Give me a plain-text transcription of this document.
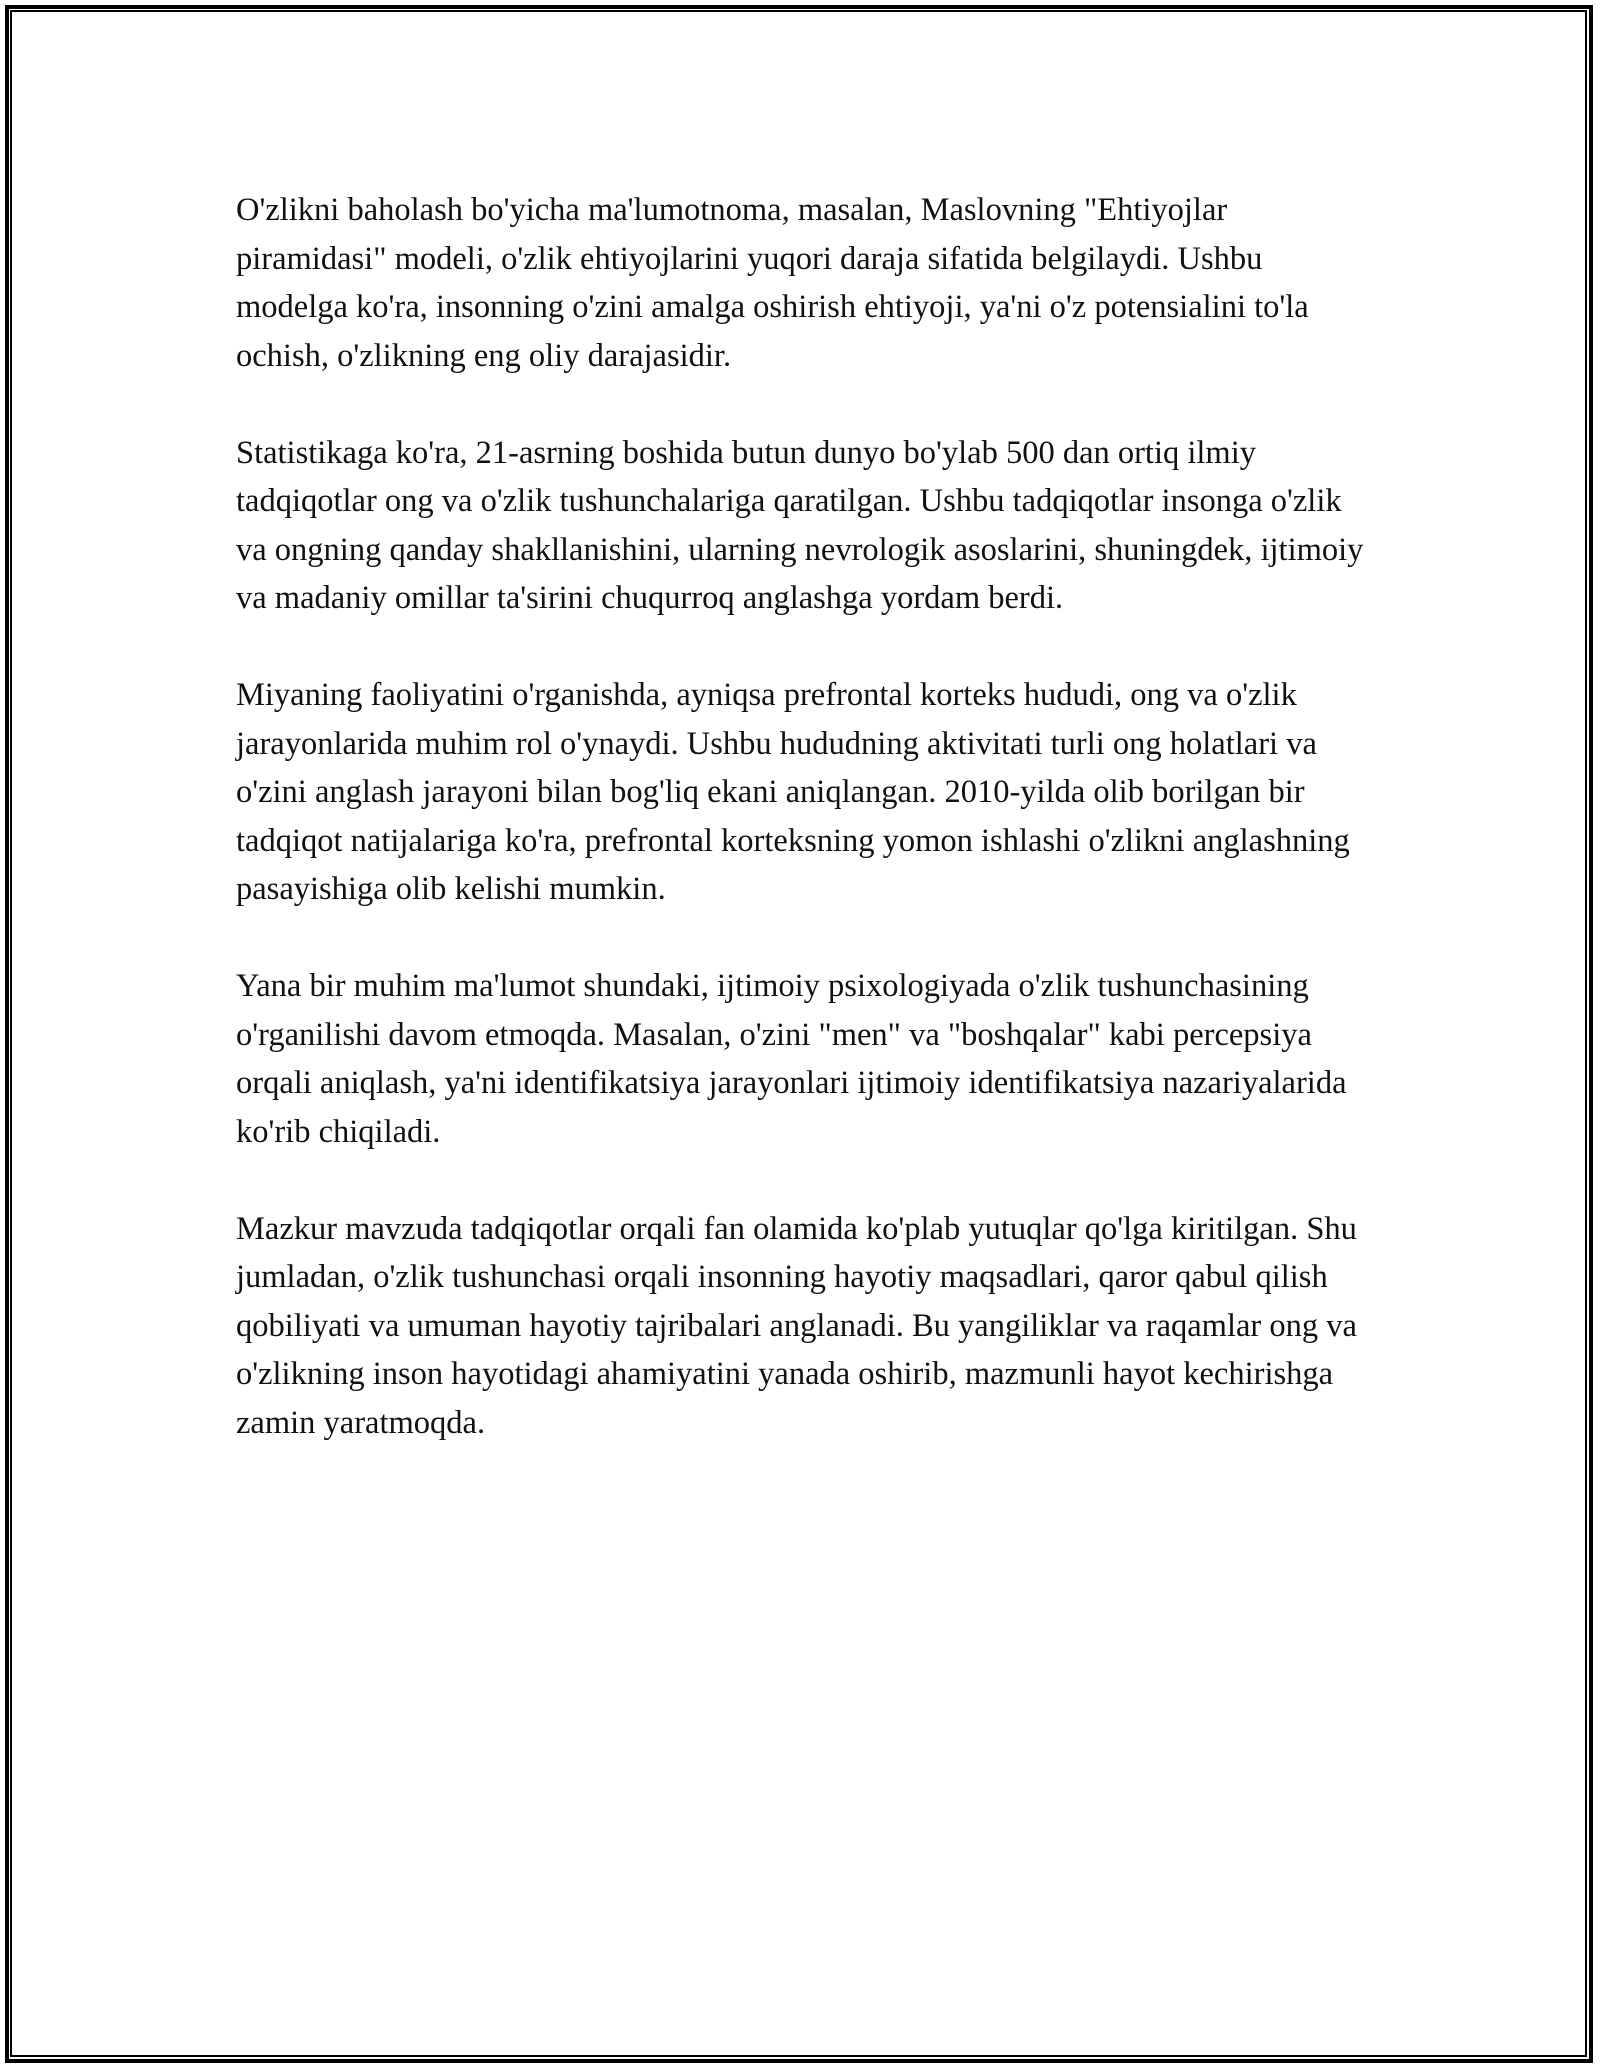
O'zlikni baholash bo'yicha ma'lumotnoma, masalan, Maslovning "Ehtiyojlar piramidasi" modeli, o'zlik ehtiyojlarini yuqori daraja sifatida belgilaydi. Ushbu modelga ko'ra, insonning o'zini amalga oshirish ehtiyoji, ya'ni o'z potensialini to'la ochish, o'zlikning eng oliy darajasidir.

Statistikaga ko'ra, 21-asrning boshida butun dunyo bo'ylab 500 dan ortiq ilmiy tadqiqotlar ong va o'zlik tushunchalariga qaratilgan. Ushbu tadqiqotlar insonga o'zlik va ongning qanday shakllanishini, ularning nevrologik asoslarini, shuningdek, ijtimoiy va madaniy omillar ta'sirini chuqurroq anglashga yordam berdi.

Miyaning faoliyatini o'rganishda, ayniqsa prefrontal korteks hududi, ong va o'zlik jarayonlarida muhim rol o'ynaydi. Ushbu hududning aktivitati turli ong holatlari va o'zini anglash jarayoni bilan bog'liq ekani aniqlangan. 2010-yilda olib borilgan bir tadqiqot natijalariga ko'ra, prefrontal korteksning yomon ishlashi o'zlikni anglashning pasayishiga olib kelishi mumkin.

Yana bir muhim ma'lumot shundaki, ijtimoiy psixologiyada o'zlik tushunchasining o'rganilishi davom etmoqda. Masalan, o'zini "men" va "boshqalar" kabi percepsiya orqali aniqlash, ya'ni identifikatsiya jarayonlari ijtimoiy identifikatsiya nazariyalarida ko'rib chiqiladi.

Mazkur mavzuda tadqiqotlar orqali fan olamida ko'plab yutuqlar qo'lga kiritilgan. Shu jumladan, o'zlik tushunchasi orqali insonning hayotiy maqsadlari, qaror qabul qilish qobiliyati va umuman hayotiy tajribalari anglanadi. Bu yangiliklar va raqamlar ong va o'zlikning inson hayotidagi ahamiyatini yanada oshirib, mazmunli hayot kechirishga zamin yaratmoqda.
